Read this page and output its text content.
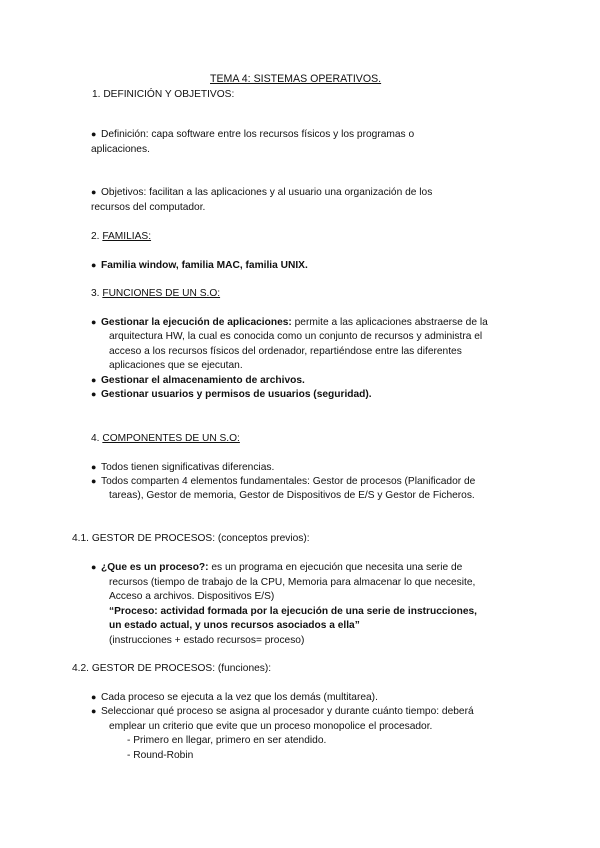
TEMA 4: SISTEMAS OPERATIVOS.
1. DEFINICIÓN Y OBJETIVOS:
● Definición: capa software entre los recursos físicos y los programas o
aplicaciones.
● Objetivos: facilitan a las aplicaciones y al usuario una organización de los
recursos del computador.
2. FAMILIAS:
● Familia window, familia MAC, familia UNIX.
3. FUNCIONES DE UN S.O:
● Gestionar la ejecución de aplicaciones: permite a las aplicaciones abstraerse de la
arquitectura HW, la cual es conocida como un conjunto de recursos y administra el
acceso a los recursos físicos del ordenador, repartiéndose entre las diferentes
aplicaciones que se ejecutan.
● Gestionar el almacenamiento de archivos.
● Gestionar usuarios y permisos de usuarios (seguridad).
4. COMPONENTES DE UN S.O:
● Todos tienen significativas diferencias.
● Todos comparten 4 elementos fundamentales: Gestor de procesos (Planificador de
tareas), Gestor de memoria, Gestor de Dispositivos de E/S y Gestor de Ficheros.
4.1. GESTOR DE PROCESOS: (conceptos previos):
● ¿Que es un proceso?: es un programa en ejecución que necesita una serie de
recursos (tiempo de trabajo de la CPU, Memoria para almacenar lo que necesite,
Acceso a archivos. Dispositivos E/S)
“Proceso: actividad formada por la ejecución de una serie de instrucciones,
un estado actual, y unos recursos asociados a ella”
(instrucciones + estado recursos= proceso)
4.2. GESTOR DE PROCESOS: (funciones):
● Cada proceso se ejecuta a la vez que los demás (multitarea).
● Seleccionar qué proceso se asigna al procesador y durante cuánto tiempo: deberá
emplear un criterio que evite que un proceso monopolice el procesador.
- Primero en llegar, primero en ser atendido.
- Round-Robin
